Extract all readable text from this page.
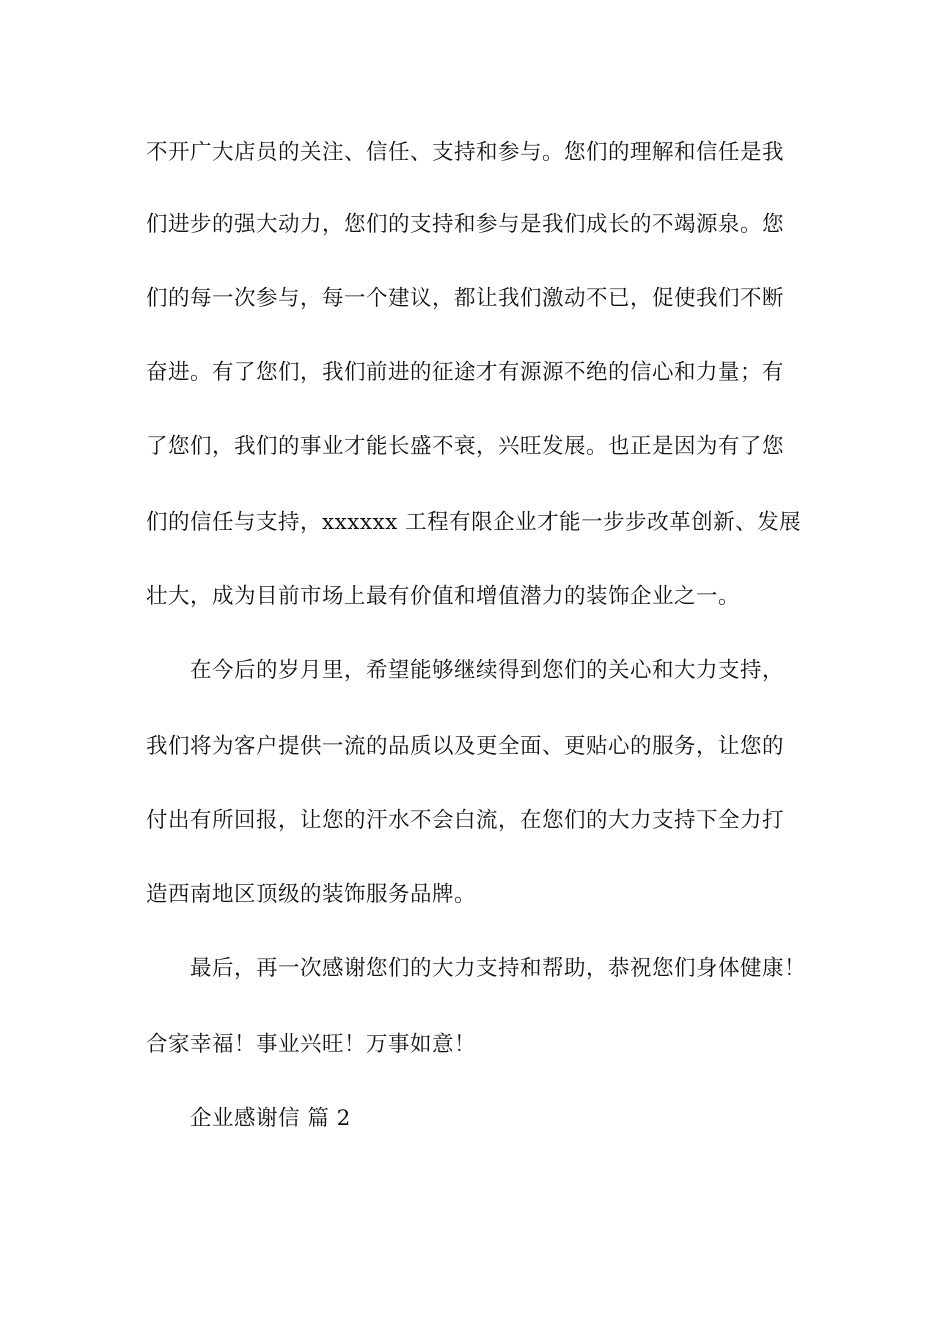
不开广大店员的关注、信任、支持和参与。您们的理解和信任是我
们进步的强大动力，您们的支持和参与是我们成长的不竭源泉。您
们的每一次参与，每一个建议，都让我们激动不已，促使我们不断
奋进。有了您们，我们前进的征途才有源源不绝的信心和力量；有
了您们，我们的事业才能长盛不衰，兴旺发展。也正是因为有了您
们的信任与支持，xxxxxx 工程有限企业才能一步步改革创新、发展
壮大，成为目前市场上最有价值和增值潜力的装饰企业之一。
在今后的岁月里，希望能够继续得到您们的关心和大力支持，
我们将为客户提供一流的品质以及更全面、更贴心的服务，让您的
付出有所回报，让您的汗水不会白流，在您们的大力支持下全力打
造西南地区顶级的装饰服务品牌。
最后，再一次感谢您们的大力支持和帮助，恭祝您们身体健康！
合家幸福！事业兴旺！万事如意！
企业感谢信 篇 2
